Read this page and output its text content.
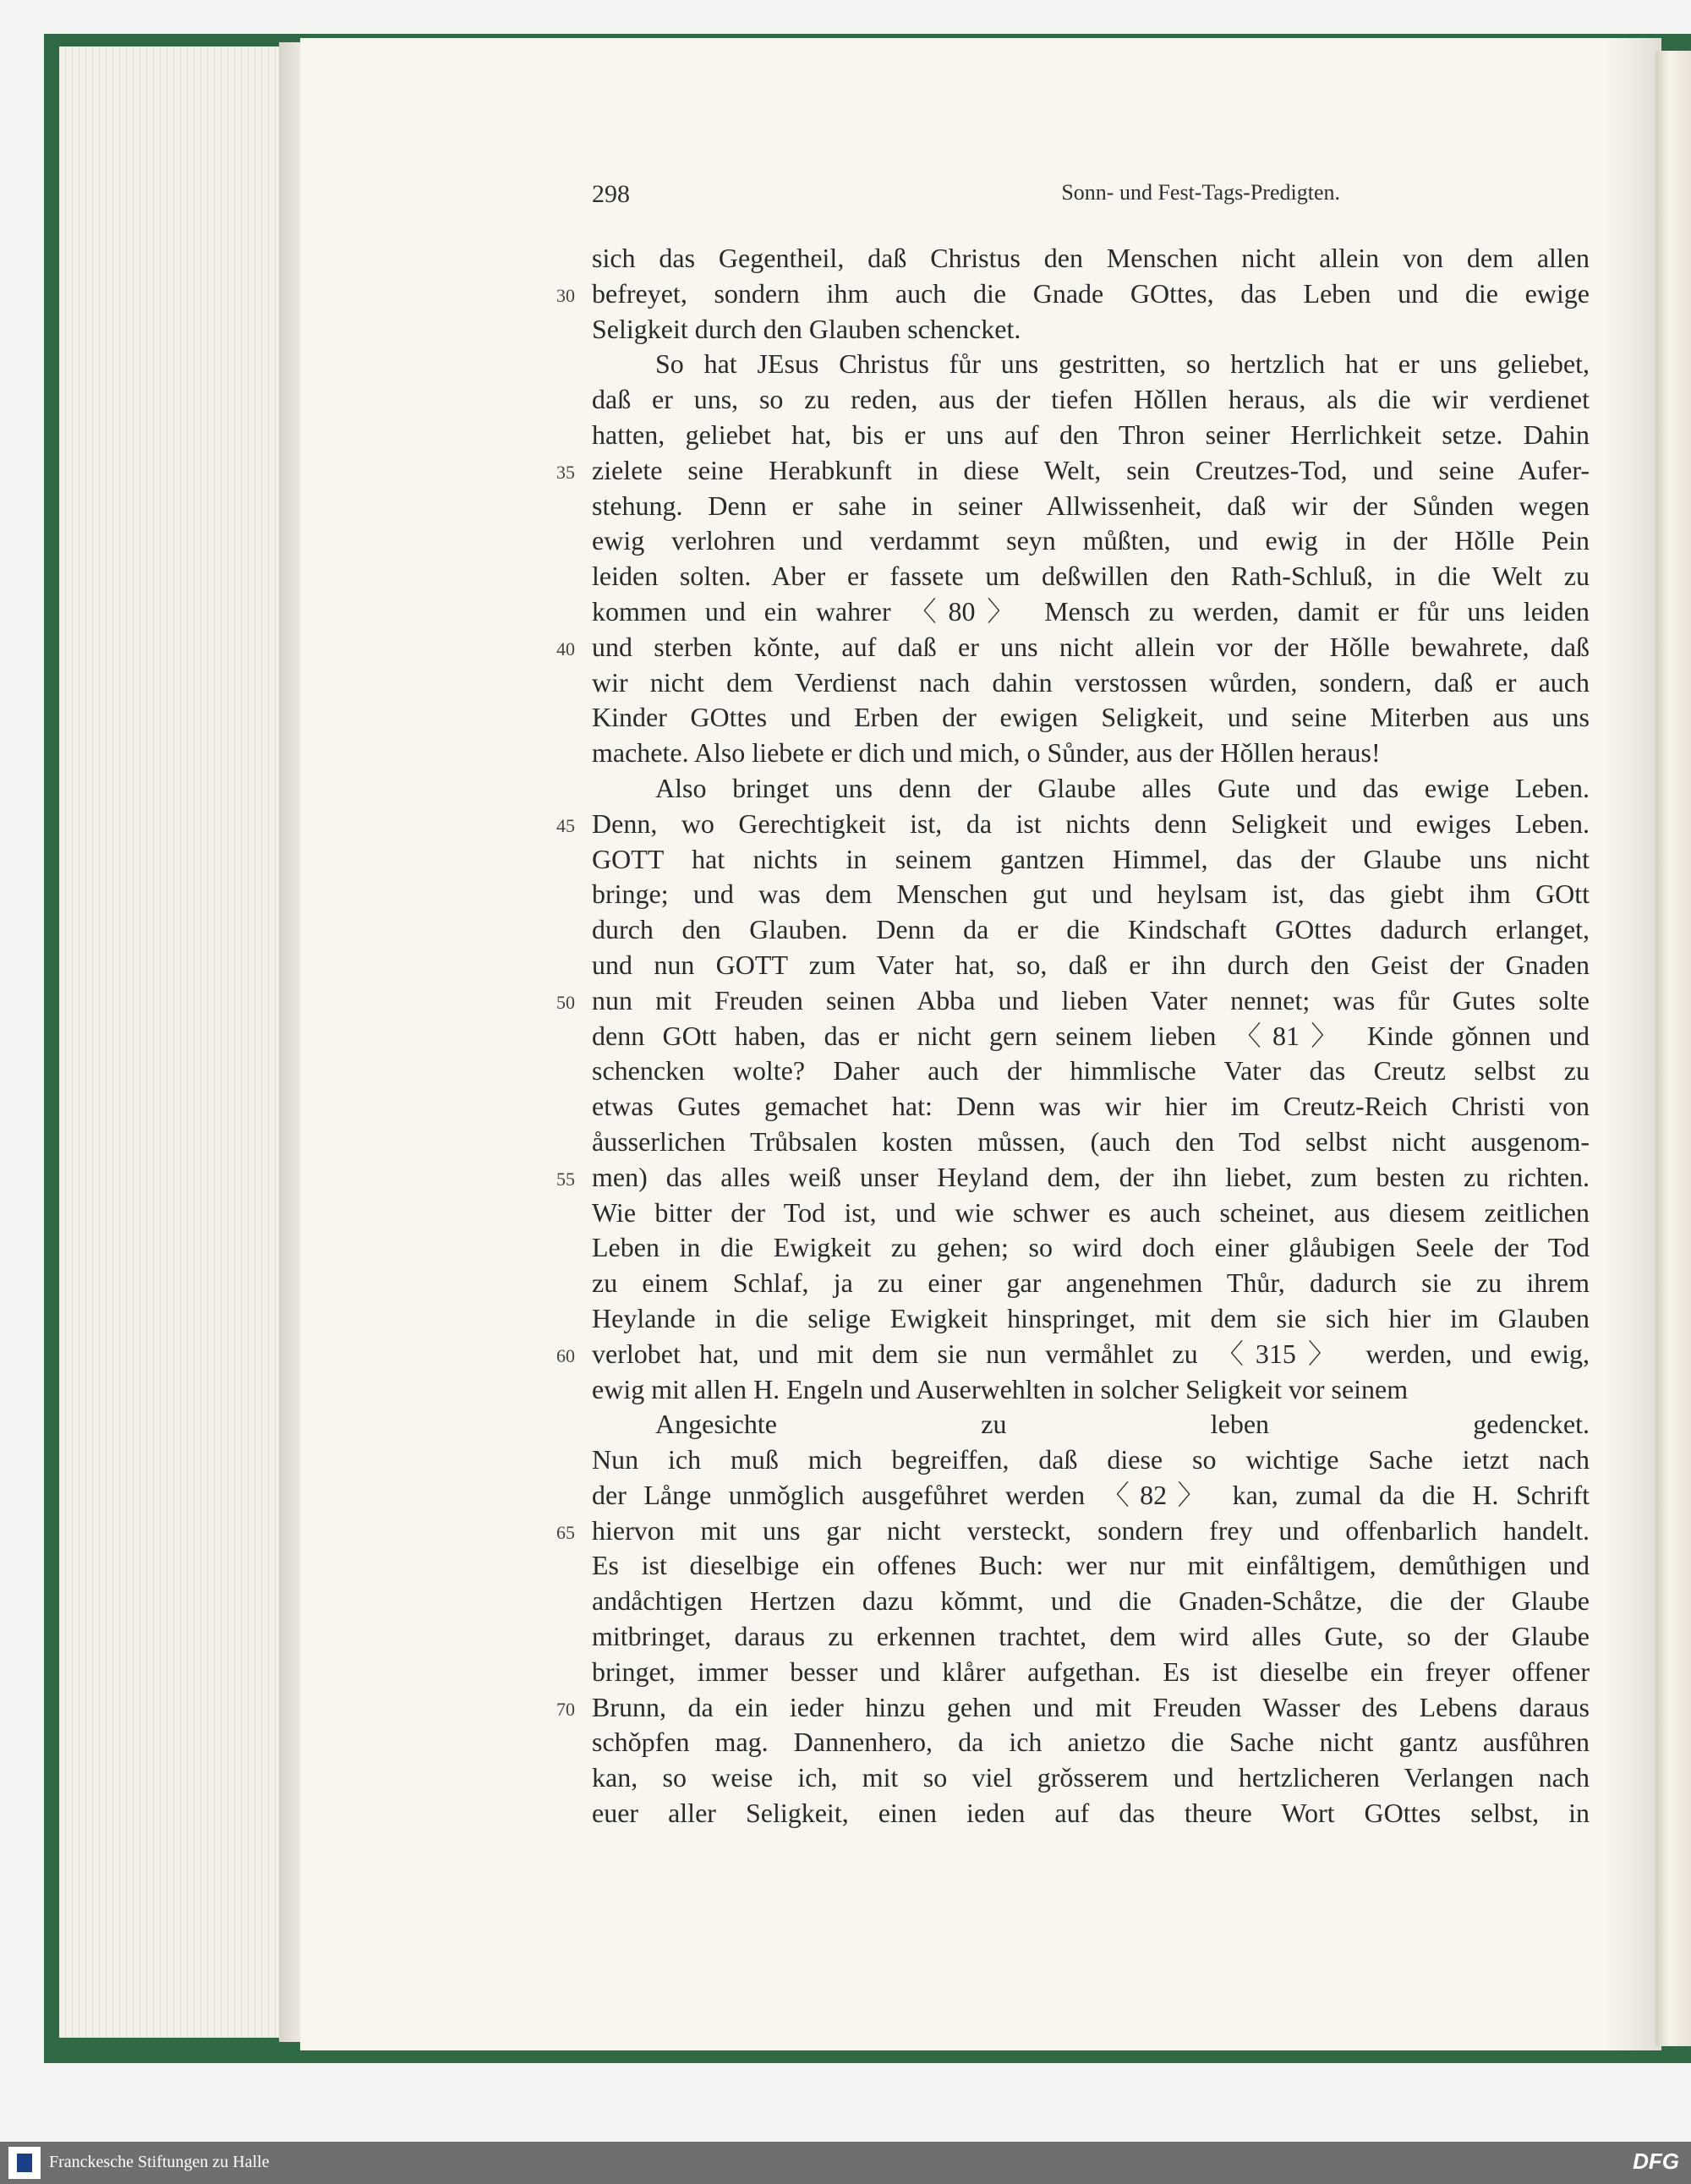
298	Sonn- und Fest-Tags-Predigten.
sich das Gegentheil, daß Christus den Menschen nicht allein von dem allen
30 befreyet, sondern ihm auch die Gnade GOttes, das Leben und die ewige
Seligkeit durch den Glauben schencket.
So hat JEsus Christus fůr uns gestritten, so hertzlich hat er uns geliebet,
daß er uns, so zu reden, aus der tiefen Hǒllen heraus, als die wir verdienet
hatten, geliebet hat, bis er uns auf den Thron seiner Herrlichkeit setze. Dahin
35 zielete seine Herabkunft in diese Welt, sein Creutzes-Tod, und seine Aufer-
stehung. Denn er sahe in seiner Allwissenheit, daß wir der Sůnden wegen
ewig verlohren und verdammt seyn můßten, und ewig in der Hǒlle Pein
leiden solten. Aber er fassete um deßwillen den Rath-Schluß, in die Welt zu
kommen und ein wahrer 〈80〉 Mensch zu werden, damit er fůr uns leiden
40 und sterben kǒnte, auf daß er uns nicht allein vor der Hǒlle bewahrete, daß
wir nicht dem Verdienst nach dahin verstossen wůrden, sondern, daß er auch
Kinder GOttes und Erben der ewigen Seligkeit, und seine Miterben aus uns
machete. Also liebete er dich und mich, o Sůnder, aus der Hǒllen heraus!
Also bringet uns denn der Glaube alles Gute und das ewige Leben.
45 Denn, wo Gerechtigkeit ist, da ist nichts denn Seligkeit und ewiges Leben.
GOTT hat nichts in seinem gantzen Himmel, das der Glaube uns nicht
bringe; und was dem Menschen gut und heylsam ist, das giebt ihm GOtt
durch den Glauben. Denn da er die Kindschaft GOttes dadurch erlanget,
und nun GOTT zum Vater hat, so, daß er ihn durch den Geist der Gnaden
50 nun mit Freuden seinen Abba und lieben Vater nennet; was fůr Gutes solte
denn GOtt haben, das er nicht gern seinem lieben 〈81〉 Kinde gǒnnen und
schencken wolte? Daher auch der himmlische Vater das Creutz selbst zu
etwas Gutes gemachet hat: Denn was wir hier im Creutz-Reich Christi von
åusserlichen Trůbsalen kosten můssen, (auch den Tod selbst nicht ausgenom-
55 men) das alles weiß unser Heyland dem, der ihn liebet, zum besten zu richten.
Wie bitter der Tod ist, und wie schwer es auch scheinet, aus diesem zeitlichen
Leben in die Ewigkeit zu gehen; so wird doch einer glåubigen Seele der Tod
zu einem Schlaf, ja zu einer gar angenehmen Thůr, dadurch sie zu ihrem
Heylande in die selige Ewigkeit hinspringet, mit dem sie sich hier im Glauben
60 verlobet hat, und mit dem sie nun vermåhlet zu 〈315〉 werden, und ewig,
ewig mit allen H. Engeln und Auserwehlten in solcher Seligkeit vor seinem
Angesichte zu leben gedencket.
Nun ich muß mich begreiffen, daß diese so wichtige Sache ietzt nach
der Långe unmǒglich ausgefůhret werden 〈82〉 kan, zumal da die H. Schrift
65 hiervon mit uns gar nicht versteckt, sondern frey und offenbarlich handelt.
Es ist dieselbige ein offenes Buch: wer nur mit einfåltigem, demůthigen und
andåchtigen Hertzen dazu kǒmmt, und die Gnaden-Schåtze, die der Glaube
mitbringet, daraus zu erkennen trachtet, dem wird alles Gute, so der Glaube
bringet, immer besser und klårer aufgethan. Es ist dieselbe ein freyer offener
70 Brunn, da ein ieder hinzu gehen und mit Freuden Wasser des Lebens daraus
schǒpfen mag. Dannenhero, da ich anietzo die Sache nicht gantz ausfůhren
kan, so weise ich, mit so viel grǒsserem und hertzlicheren Verlangen nach
euer aller Seligkeit, einen ieden auf das theure Wort GOttes selbst, in
Franckesche Stiftungen zu Halle	DFG
